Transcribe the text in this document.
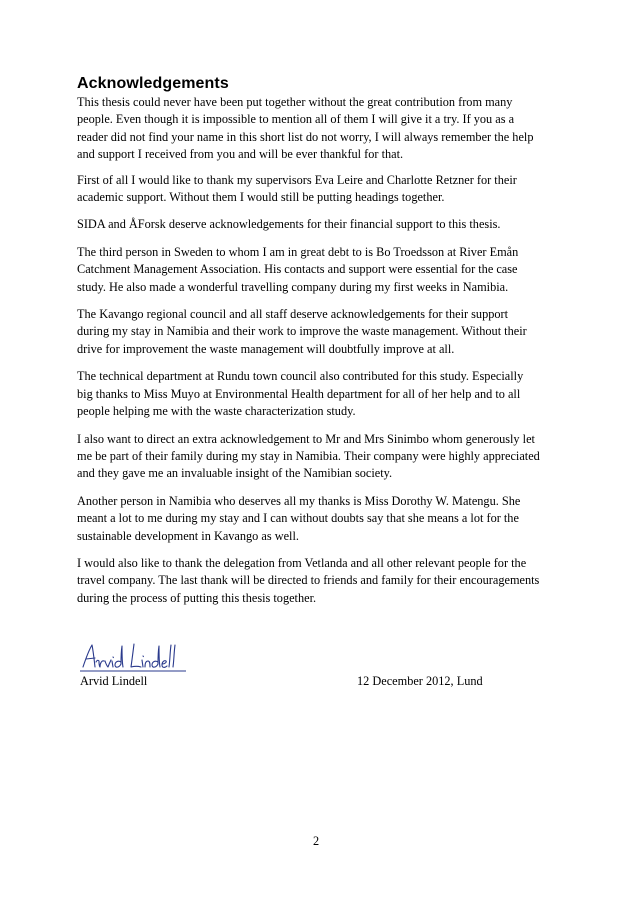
Acknowledgements

This thesis could never have been put together without the great contribution from many
people. Even though it is impossible to mention all of them I will give it a try. If you as a
reader did not find your name in this short list do not worry, I will always remember the help
and support I received from you and will be ever thankful for that.

First of all I would like to thank my supervisors Eva Leire and Charlotte Retzner for their
academic support. Without them I would still be putting headings together.

SIDA and ÅForsk deserve acknowledgements for their financial support to this thesis.

The third person in Sweden to whom I am in great debt to is Bo Troedsson at River Emån
Catchment Management Association. His contacts and support were essential for the case
study. He also made a wonderful travelling company during my first weeks in Namibia.

The Kavango regional council and all staff deserve acknowledgements for their support
during my stay in Namibia and their work to improve the waste management. Without their
drive for improvement the waste management will doubtfully improve at all.

The technical department at Rundu town council also contributed for this study. Especially
big thanks to Miss Muyo at Environmental Health department for all of her help and to all
people helping me with the waste characterization study.

I also want to direct an extra acknowledgement to Mr and Mrs Sinimbo whom generously let
me be part of their family during my stay in Namibia. Their company were highly appreciated
and they gave me an invaluable insight of the Namibian society.

Another person in Namibia who deserves all my thanks is Miss Dorothy W. Matengu. She
meant a lot to me during my stay and I can without doubts say that she means a lot for the
sustainable development in Kavango as well.

I would also like to thank the delegation from Vetlanda and all other relevant people for the
travel company. The last thank will be directed to friends and family for their encouragements
during the process of putting this thesis together.

Arvid Lindell	12 December 2012, Lund
2
